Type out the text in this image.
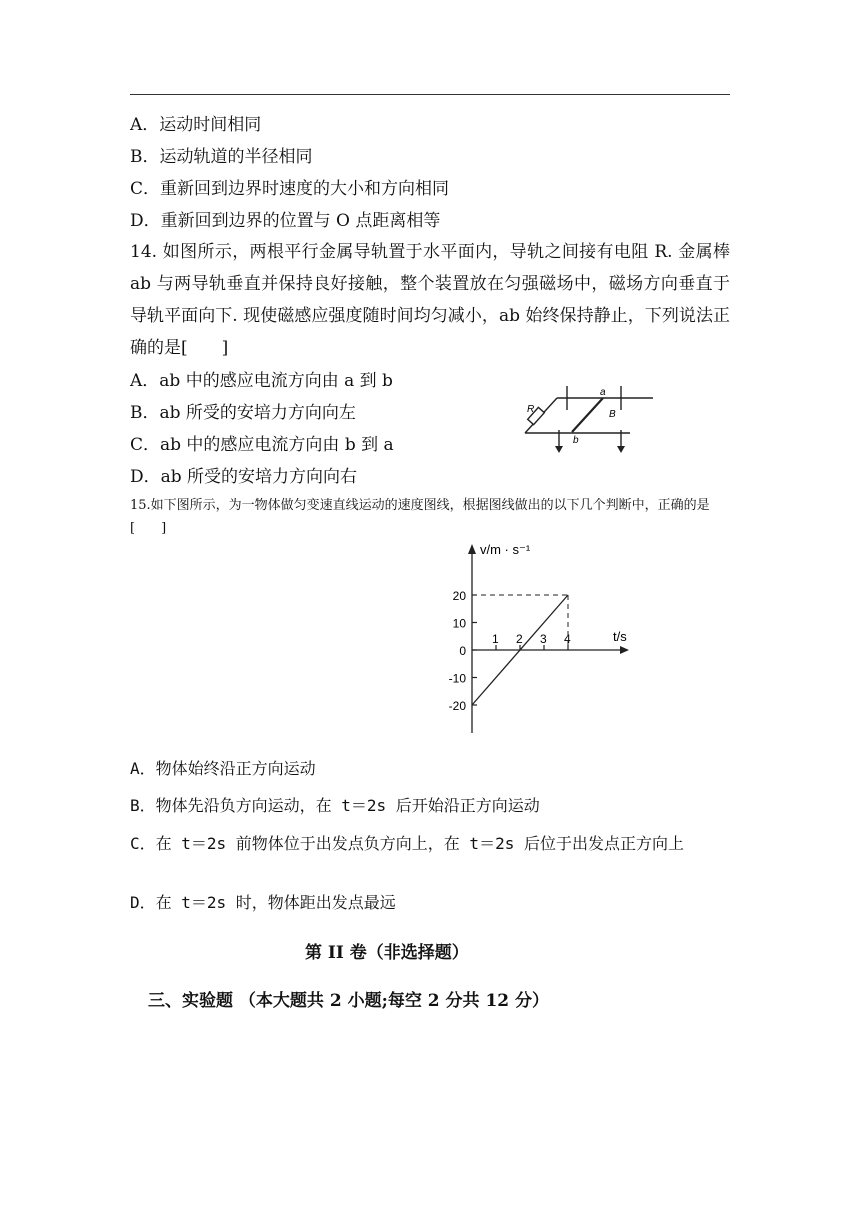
A．运动时间相同
B．运动轨道的半径相同
C．重新回到边界时速度的大小和方向相同
D．重新回到边界的位置与 O 点距离相等
14. 如图所示，两根平行金属导轨置于水平面内，导轨之间接有电阻 R. 金属棒 ab 与两导轨垂直并保持良好接触，整个装置放在匀强磁场中，磁场方向垂直于导轨平面向下. 现使磁感应强度随时间均匀减小，ab 始终保持静止，下列说法正确的是[　　]
A．ab 中的感应电流方向由 a 到 b
B．ab 所受的安培力方向向左
C．ab 中的感应电流方向由 b 到 a
D．ab 所受的安培力方向向右
R
a
b
B
15.如下图所示，为一物体做匀变速直线运动的速度图线，根据图线做出的以下几个判断中，正确的是　[　　]
v/m · s⁻¹
t/s
1 2 3 4
20
10
0
-10
-20
A．物体始终沿正方向运动
B．物体先沿负方向运动，在 t＝2s 后开始沿正方向运动
C．在 t＝2s 前物体位于出发点负方向上，在 t＝2s 后位于出发点正方向上
D．在 t＝2s 时，物体距出发点最远
第 II 卷（非选择题）
三、实验题 （本大题共 2 小题;每空 2 分共 12 分）
